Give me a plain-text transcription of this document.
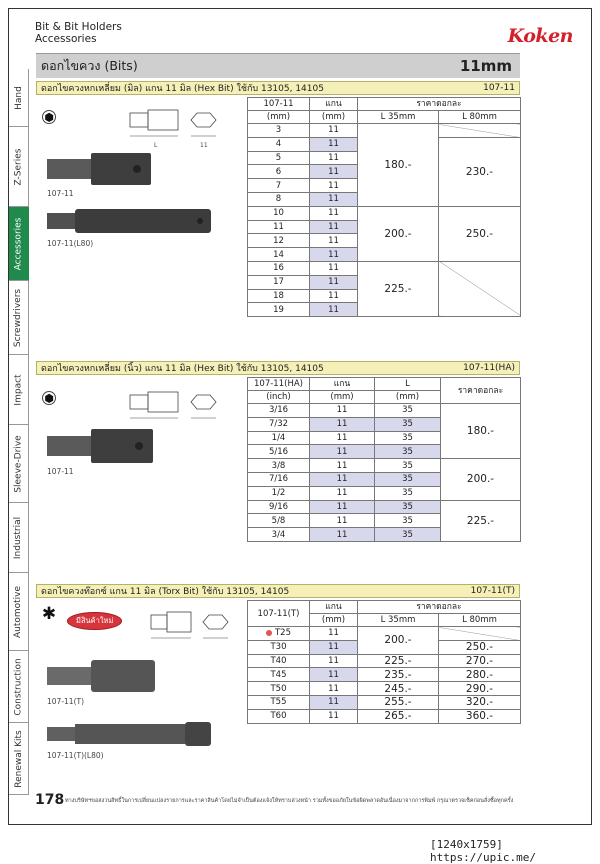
Bit & Bit Holders
Accessories	Koken
Hand
Z-Series
Accessories
Screwdrivers
Impact
Sleeve-Drive
Industrial
Automotive
Construction
Renewal Kits
ดอกไขควง (Bits)	11mm
ดอกไขควงหกเหลี่ยม (มิล) แกน 11 มิล (Hex Bit) ใช้กับ 13105, 14105	107-11
⬢
L	11
107-11
107-11(L80)
107-11	แกน	ราคาดอกละ	
(mm)	(mm)	L 35mm	L 80mm
3	11	180.-	
4	11		230.-
5	11		
6	11		
7	11		
8	11		
10	11	200.-	250.-
11	11		
12	11		
14	11		
16	11	225.-	
17	11		
18	11		
19	11		
ดอกไขควงหกเหลี่ยม (นิ้ว) แกน 11 มิล (Hex Bit) ใช้กับ 13105, 14105	107-11(HA)
⬢
107-11
107-11(HA)	แกน	L	ราคาดอกละ
(inch)	(mm)	(mm)	
3/16	11	35	180.-
7/32	11	35	
1/4	11	35	
5/16	11	35	
3/8	11	35	200.-
7/16	11	35	
1/2	11	35	
9/16	11	35	225.-
5/8	11	35	
3/4	11	35	
ดอกไขควงท๊อกซ์ แกน 11 มิล (Torx Bit) ใช้กับ 13105, 14105	107-11(T)
✱	มีสินค้าใหม่
107-11(T)
107-11(T)(L80)
107-11(T)	แกน	ราคาดอกละ	
	(mm)	L 35mm	L 80mm
T25	11	200.-	
T30	11		250.-
T40	11	225.-	270.-
T45	11	235.-	280.-
T50	11	245.-	290.-
T55	11	255.-	320.-
T60	11	265.-	360.-
178 ทางบริษัทฯขอสงวนสิทธิ์ในการเปลี่ยนแปลงรายการและราคาสินค้าโดยไม่จำเป็นต้องแจ้งให้ทราบล่วงหน้า รวมทั้งขออภัยในข้อผิดพลาดอันเนื่องมาจากการพิมพ์ กรุณาตรวจเช็คก่อนสั่งซื้อทุกครั้ง
[1240x1759] https://upic.me/
